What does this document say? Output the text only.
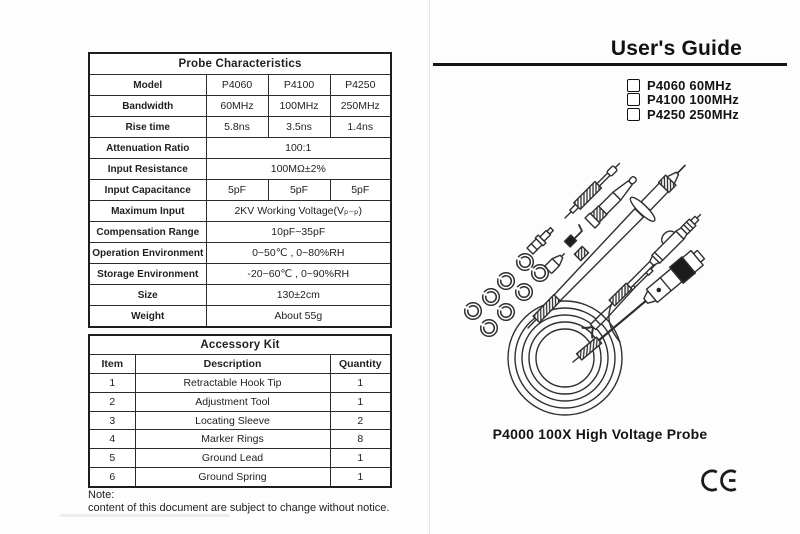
Probe Characteristics			
Model	P4060	P4100	P4250
Bandwidth	60MHz	100MHz	250MHz
Rise time	5.8ns	3.5ns	1.4ns
Attenuation Ratio	100:1		
Input Resistance	100MΩ±2%		
Input Capacitance	5pF	5pF	5pF
Maximum Input	2KV Working Voltage(Vₚ₋ₚ)		
Compensation Range	10pF~35pF		
Operation Environment	0~50℃ , 0~80%RH		
Storage Environment	-20~60℃ , 0~90%RH		
Size	130±2cm		
Weight	About 55g		
Accessory Kit		
Item	Description	Quantity
1	Retractable Hook Tip	1
2	Adjustment Tool	1
3	Locating Sleeve	2
4	Marker Rings	8
5	Ground Lead	1
6	Ground Spring	1
Note:
content of this document are subject to change without notice.
User's Guide
P4060 60MHz
P4100 100MHz
P4250 250MHz
P4000 100X High Voltage Probe
